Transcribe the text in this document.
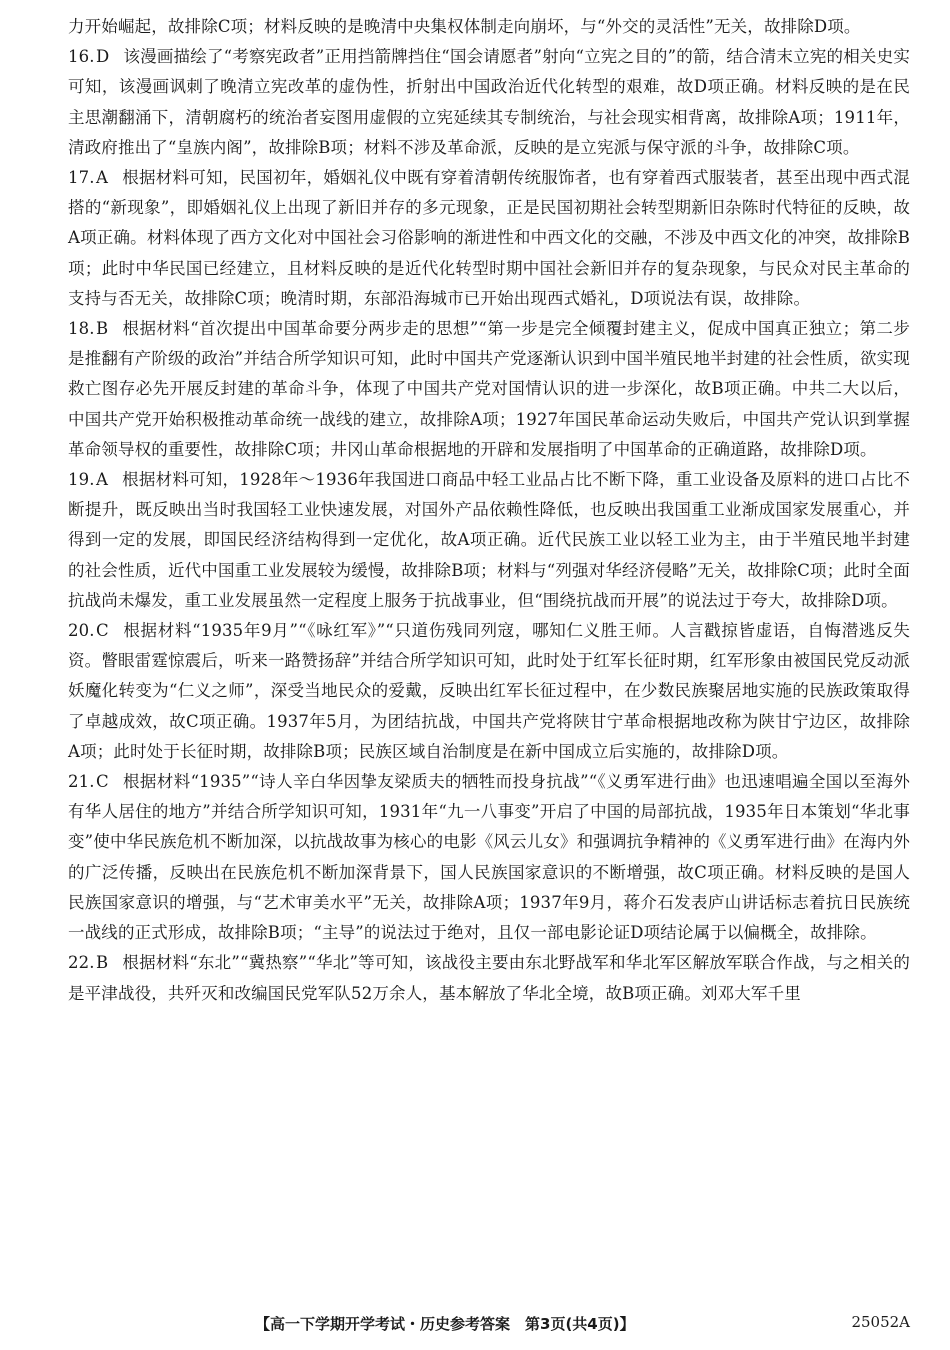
力开始崛起，故排除C项；材料反映的是晚清中央集权体制走向崩坏，与“外交的灵活性”无关，故排除D项。

16.D 该漫画描绘了“考察宪政者”正用挡箭牌挡住“国会请愿者”射向“立宪之目的”的箭，结合清末立宪的相关史实可知，该漫画讽刺了晚清立宪改革的虚伪性，折射出中国政治近代化转型的艰难，故D项正确。材料反映的是在民主思潮翻涌下，清朝腐朽的统治者妄图用虚假的立宪延续其专制统治，与社会现实相背离，故排除A项；1911年，清政府推出了“皇族内阁”，故排除B项；材料不涉及革命派，反映的是立宪派与保守派的斗争，故排除C项。

17.A 根据材料可知，民国初年，婚姻礼仪中既有穿着清朝传统服饰者，也有穿着西式服装者，甚至出现中西式混搭的“新现象”，即婚姻礼仪上出现了新旧并存的多元现象，正是民国初期社会转型期新旧杂陈时代特征的反映，故A项正确。材料体现了西方文化对中国社会习俗影响的渐进性和中西文化的交融，不涉及中西文化的冲突，故排除B项；此时中华民国已经建立，且材料反映的是近代化转型时期中国社会新旧并存的复杂现象，与民众对民主革命的支持与否无关，故排除C项；晚清时期，东部沿海城市已开始出现西式婚礼，D项说法有误，故排除。

18.B 根据材料“首次提出中国革命要分两步走的思想”“第一步是完全倾覆封建主义，促成中国真正独立；第二步是推翻有产阶级的政治”并结合所学知识可知，此时中国共产党逐渐认识到中国半殖民地半封建的社会性质，欲实现救亡图存必先开展反封建的革命斗争，体现了中国共产党对国情认识的进一步深化，故B项正确。中共二大以后，中国共产党开始积极推动革命统一战线的建立，故排除A项；1927年国民革命运动失败后，中国共产党认识到掌握革命领导权的重要性，故排除C项；井冈山革命根据地的开辟和发展指明了中国革命的正确道路，故排除D项。

19.A 根据材料可知，1928年～1936年我国进口商品中轻工业品占比不断下降，重工业设备及原料的进口占比不断提升，既反映出当时我国轻工业快速发展，对国外产品依赖性降低，也反映出我国重工业渐成国家发展重心，并得到一定的发展，即国民经济结构得到一定优化，故A项正确。近代民族工业以轻工业为主，由于半殖民地半封建的社会性质，近代中国重工业发展较为缓慢，故排除B项；材料与“列强对华经济侵略”无关，故排除C项；此时全面抗战尚未爆发，重工业发展虽然一定程度上服务于抗战事业，但“围绕抗战而开展”的说法过于夸大，故排除D项。

20.C 根据材料“1935年9月”“《咏红军》”“只道伤残同列寇，哪知仁义胜王师。人言戳掠皆虚语，自悔潜逃反失资。瞥眼雷霆惊震后，听来一路赞扬辞”并结合所学知识可知，此时处于红军长征时期，红军形象由被国民党反动派妖魔化转变为“仁义之师”，深受当地民众的爱戴，反映出红军长征过程中，在少数民族聚居地实施的民族政策取得了卓越成效，故C项正确。1937年5月，为团结抗战，中国共产党将陕甘宁革命根据地改称为陕甘宁边区，故排除A项；此时处于长征时期，故排除B项；民族区域自治制度是在新中国成立后实施的，故排除D项。

21.C 根据材料“1935”“诗人辛白华因挚友梁质夫的牺牲而投身抗战”“《义勇军进行曲》也迅速唱遍全国以至海外有华人居住的地方”并结合所学知识可知，1931年“九一八事变”开启了中国的局部抗战，1935年日本策划“华北事变”使中华民族危机不断加深，以抗战故事为核心的电影《风云儿女》和强调抗争精神的《义勇军进行曲》在海内外的广泛传播，反映出在民族危机不断加深背景下，国人民族国家意识的不断增强，故C项正确。材料反映的是国人民族国家意识的增强，与“艺术审美水平”无关，故排除A项；1937年9月，蒋介石发表庐山讲话标志着抗日民族统一战线的正式形成，故排除B项；“主导”的说法过于绝对，且仅一部电影论证D项结论属于以偏概全，故排除。

22.B 根据材料“东北”“冀热察”“华北”等可知，该战役主要由东北野战军和华北军区解放军联合作战，与之相关的是平津战役，共歼灭和改编国民党军队52万余人，基本解放了华北全境，故B项正确。刘邓大军千里

【高一下学期开学考试・历史参考答案　第3页(共4页)】	25052A
